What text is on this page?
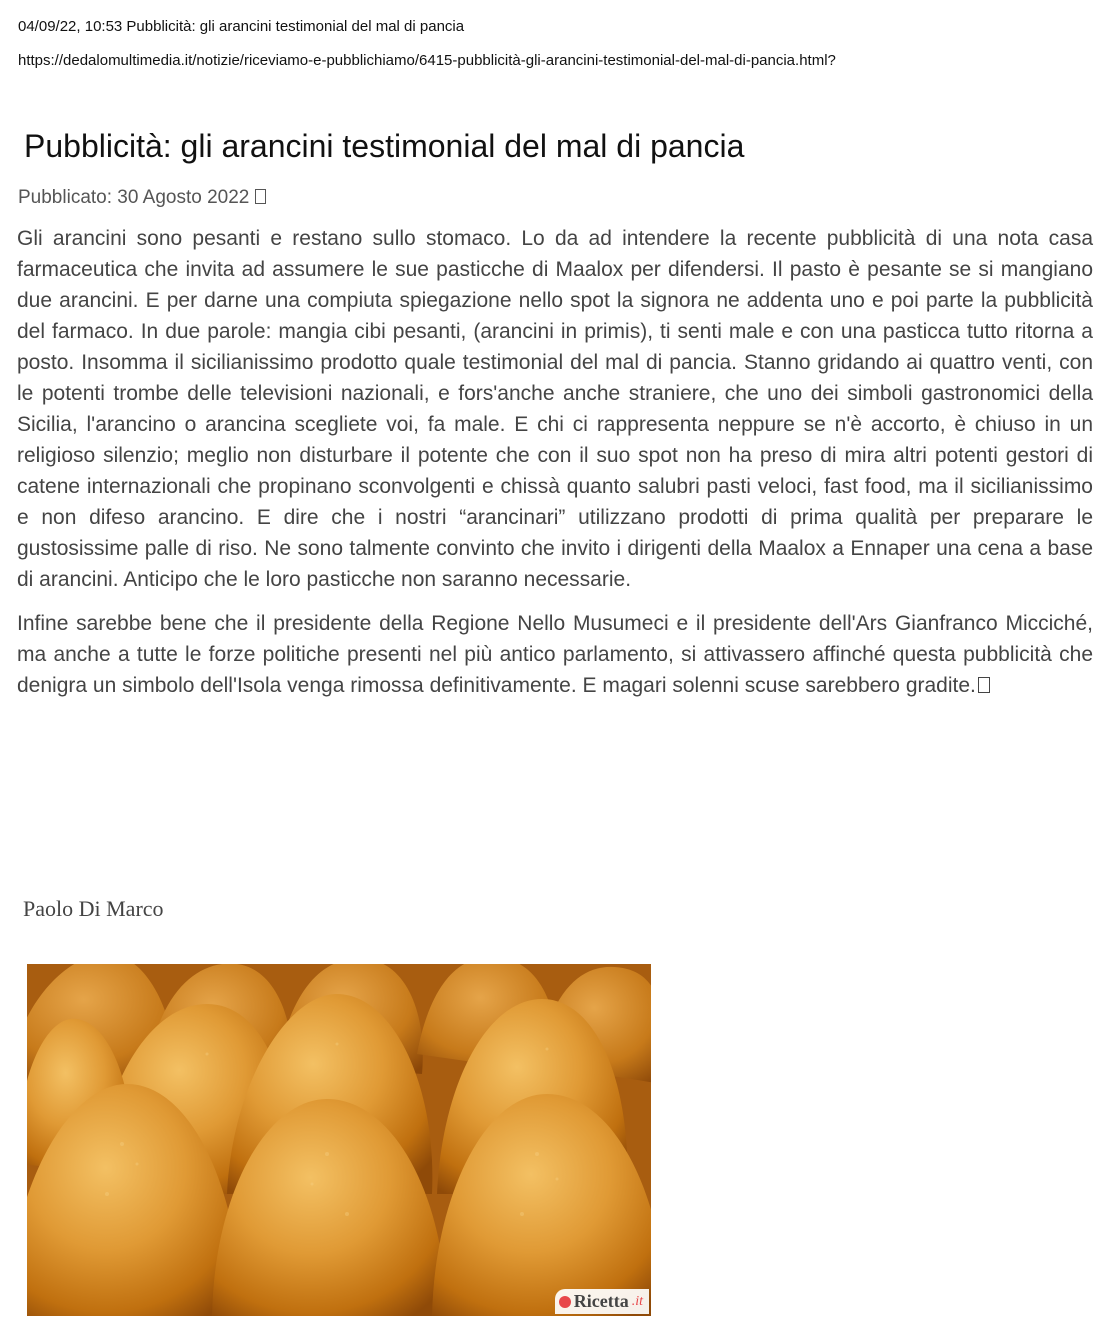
04/09/22, 10:53 Pubblicità: gli arancini testimonial del mal di pancia
https://dedalomultimedia.it/notizie/riceviamo-e-pubblichiamo/6415-pubblicità-gli-arancini-testimonial-del-mal-di-pancia.html?
Pubblicità: gli arancini testimonial del mal di pancia
Pubblicato: 30 Agosto 2022

Gli arancini sono pesanti e restano sullo stomaco. Lo da ad intendere la recente pubblicità di una nota casa farmaceutica che invita ad assumere le sue pasticche di Maalox per difendersi. Il pasto è pesante se si mangiano due arancini. E per darne una compiuta spiegazione nello spot la signora ne addenta uno e poi parte la pubblicità del farmaco. In due parole: mangia cibi pesanti, (arancini in primis), ti senti male e con una pasticca tutto ritorna a posto. Insomma il sicilianissimo prodotto quale testimonial del mal di pancia. Stanno gridando ai quattro venti, con le potenti trombe delle televisioni nazionali, e fors'anche anche straniere, che uno dei simboli gastronomici della Sicilia, l'arancino o arancina scegliete voi, fa male. E chi ci rappresenta neppure se n'è accorto, è chiuso in un religioso silenzio; meglio non disturbare il potente che con il suo spot non ha preso di mira altri potenti gestori di catene internazionali che propinano sconvolgenti e chissà quanto salubri pasti veloci, fast food, ma il sicilianissimo e non difeso arancino. E dire che i nostri “arancinari” utilizzano prodotti di prima qualità per preparare le gustosissime palle di riso. Ne sono talmente convinto che invito i dirigenti della Maalox a Ennaper una cena a base di arancini. Anticipo che le loro pasticche non saranno necessarie.

Infine sarebbe bene che il presidente della Regione Nello Musumeci e il presidente dell'Ars Gianfranco Micciché, ma anche a tutte le forze politiche presenti nel più antico parlamento, si attivassero affinché questa pubblicità che denigra un simbolo dell'Isola venga rimossa definitivamente. E magari solenni scuse sarebbero gradite.

Paolo Di Marco
Ricetta .it
